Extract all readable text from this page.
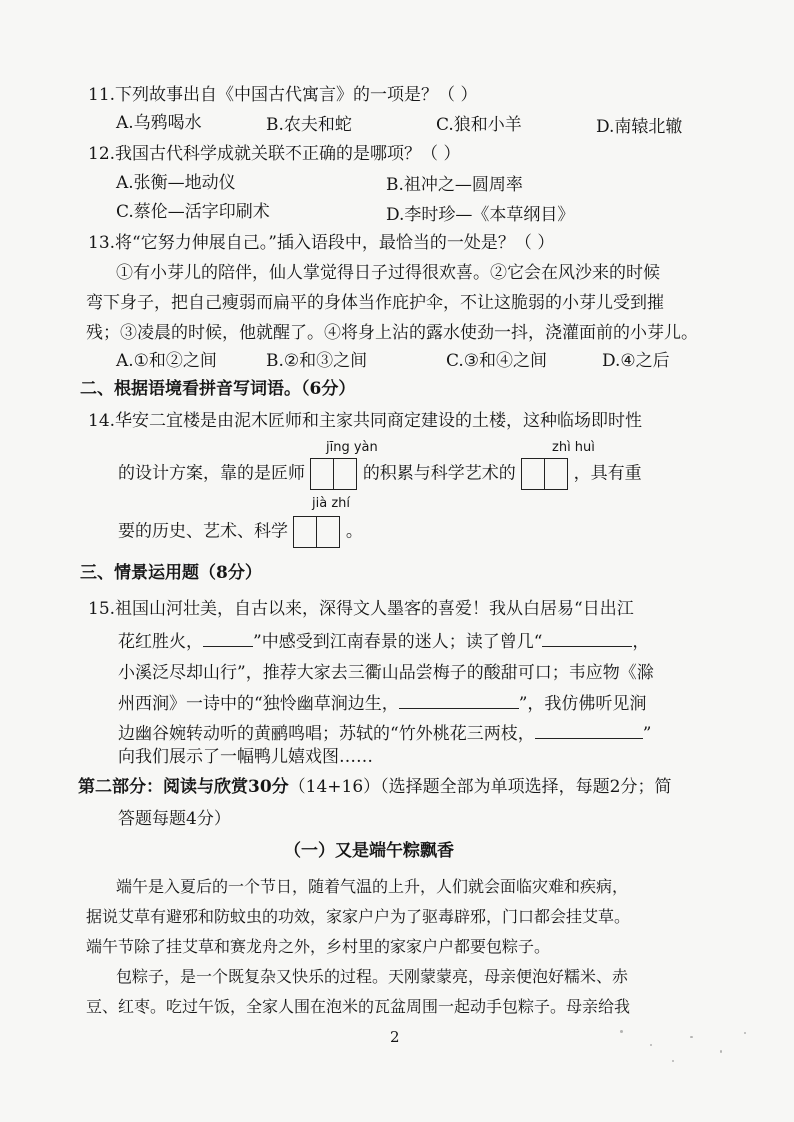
11.下列故事出自《中国古代寓言》的一项是？（ ）
A.乌鸦喝水	B.农夫和蛇	C.狼和小羊	D.南辕北辙
12.我国古代科学成就关联不正确的是哪项？（ ）
A.张衡—地动仪	B.祖冲之—圆周率
C.蔡伦—活字印刷术	D.李时珍—《本草纲目》
13.将“它努力伸展自己。”插入语段中，最恰当的一处是？（ ）
①有小芽儿的陪伴，仙人掌觉得日子过得很欢喜。②它会在风沙来的时候
弯下身子，把自己瘦弱而扁平的身体当作庇护伞，不让这脆弱的小芽儿受到摧
残；③凌晨的时候，他就醒了。④将身上沾的露水使劲一抖，浇灌面前的小芽儿。
A.①和②之间	B.②和③之间	C.③和④之间	D.④之后
二、根据语境看拼音写词语。（6分）
14.华安二宜楼是由泥木匠师和主家共同商定建设的土楼，这种临场即时性
jīng yàn	zhì huì
的设计方案，靠的是匠师	的积累与科学艺术的	，具有重
jià zhí
要的历史、艺术、科学	。
三、情景运用题（8分）
15.祖国山河壮美，自古以来，深得文人墨客的喜爱！我从白居易“日出江
花红胜火，	”中感受到江南春景的迷人；读了曾几“	，
小溪泛尽却山行”，推荐大家去三衢山品尝梅子的酸甜可口；韦应物《滁
州西涧》一诗中的“独怜幽草涧边生，	”，我仿佛听见涧
边幽谷婉转动听的黄鹂鸣唱；苏轼的“竹外桃花三两枝，	”
向我们展示了一幅鸭儿嬉戏图……
第二部分：阅读与欣赏30分（14+16）（选择题全部为单项选择，每题2分；简
答题每题4分）
（一）又是端午粽飘香
端午是入夏后的一个节日，随着气温的上升，人们就会面临灾难和疾病，
据说艾草有避邪和防蚊虫的功效，家家户户为了驱毒辟邪，门口都会挂艾草。
端午节除了挂艾草和赛龙舟之外，乡村里的家家户户都要包粽子。
包粽子，是一个既复杂又快乐的过程。天刚蒙蒙亮，母亲便泡好糯米、赤
豆、红枣。吃过午饭，全家人围在泡米的瓦盆周围一起动手包粽子。母亲给我
2
